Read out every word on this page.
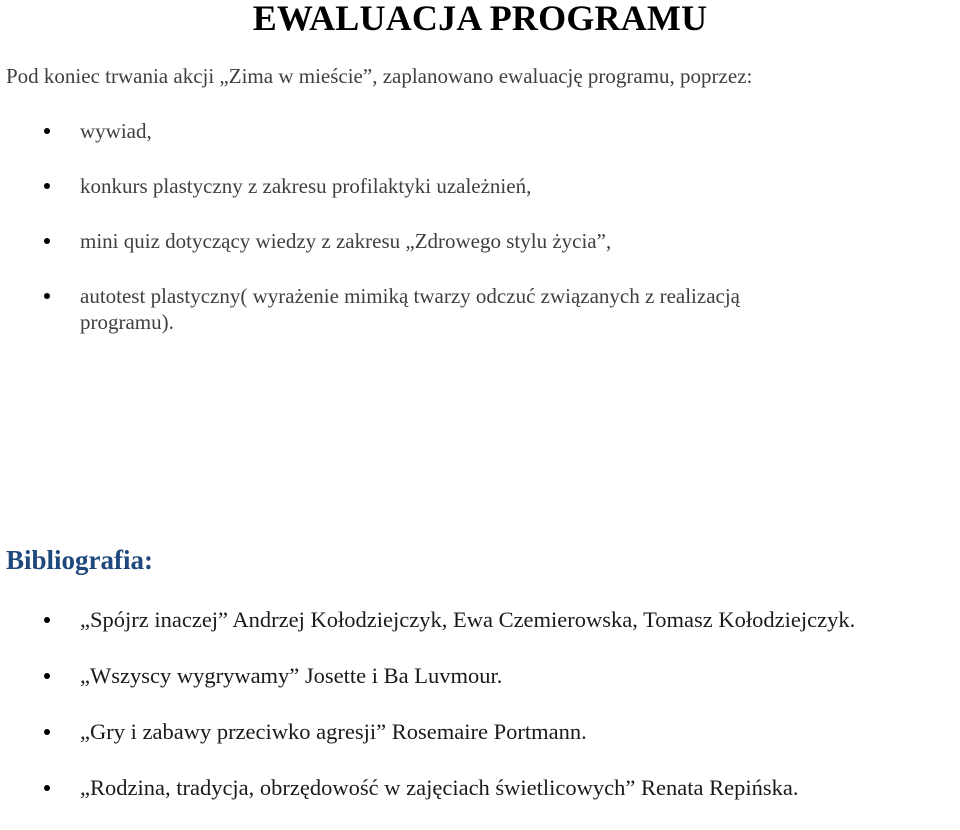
EWALUACJA PROGRAMU

Pod koniec trwania akcji „Zima w mieście”, zaplanowano ewaluację programu, poprzez:

wywiad,
konkurs plastyczny z zakresu profilaktyki uzależnień,
mini quiz dotyczący wiedzy z zakresu „Zdrowego stylu życia”,
autotest plastyczny( wyrażenie mimiką twarzy odczuć związanych z realizacją programu).
Bibliografia:
„Spójrz inaczej” Andrzej Kołodziejczyk, Ewa Czemierowska, Tomasz Kołodziejczyk.
„Wszyscy wygrywamy” Josette i Ba Luvmour.
„Gry i zabawy przeciwko agresji” Rosemaire Portmann.
„Rodzina, tradycja, obrzędowość w zajęciach świetlicowych” Renata Repińska.
